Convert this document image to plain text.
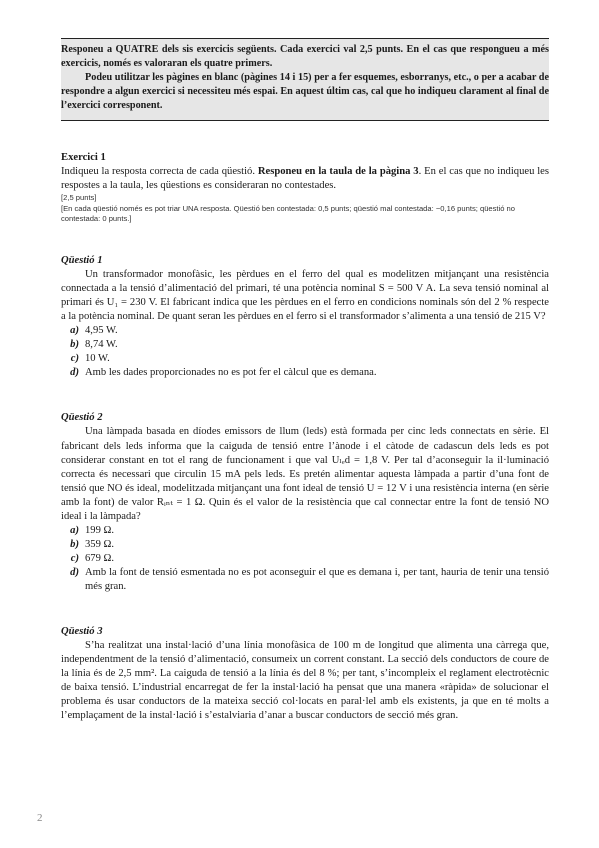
Responeu a QUATRE dels sis exercicis següents. Cada exercici val 2,5 punts. En el cas que respongueu a més exercicis, només es valoraran els quatre primers.

Podeu utilitzar les pàgines en blanc (pàgines 14 i 15) per a fer esquemes, esborranys, etc., o per a acabar de respondre a algun exercici si necessiteu més espai. En aquest últim cas, cal que ho indiqueu clarament al final de l’exercici corresponent.

Exercici 1

Indiqueu la resposta correcta de cada qüestió. Responeu en la taula de la pàgina 3. En el cas que no indiqueu les respostes a la taula, les qüestions es consideraran no contestades.

[2,5 punts]

[En cada qüestió només es pot triar UNA resposta. Qüestió ben contestada: 0,5 punts; qüestió mal contestada: −0,16 punts; qüestió no contestada: 0 punts.]

Qüestió 1

Un transformador monofàsic, les pèrdues en el ferro del qual es modelitzen mitjançant una resistència connectada a la tensió d’alimentació del primari, té una potència nominal S = 500 V A. La seva tensió nominal al primari és U₁ = 230 V. El fabricant indica que les pèrdues en el ferro en condicions nominals són del 2 % respecte a la potència nominal. De quant seran les pèrdues en el ferro si el transformador s’alimenta a una tensió de 215 V?

a) 4,95 W.
b) 8,74 W.
c) 10 W.
d) Amb les dades proporcionades no es pot fer el càlcul que es demana.

Qüestió 2

Una làmpada basada en díodes emissors de llum (leds) està formada per cinc leds connectats en sèrie. El fabricant dels leds informa que la caiguda de tensió entre l’ànode i el càtode de cadascun dels leds es pot considerar constant en tot el rang de funcionament i que val Uₗₑd = 1,8 V. Per tal d’aconseguir la il·luminació correcta és necessari que circulin 15 mA pels leds. Es pretén alimentar aquesta làmpada a partir d’una font de tensió que NO és ideal, modelitzada mitjançant una font ideal de tensió U = 12 V i una resistència interna (en sèrie amb la font) de valor Rᵢₙₜ = 1 Ω. Quin és el valor de la resistència que cal connectar entre la font de tensió NO ideal i la làmpada?

a) 199 Ω.
b) 359 Ω.
c) 679 Ω.
d) Amb la font de tensió esmentada no es pot aconseguir el que es demana i, per tant, hauria de tenir una tensió més gran.

Qüestió 3

S’ha realitzat una instal·lació d’una línia monofàsica de 100 m de longitud que alimenta una càrrega que, independentment de la tensió d’alimentació, consumeix un corrent constant. La secció dels conductors de coure de la línia és de 2,5 mm². La caiguda de tensió a la línia és del 8 %; per tant, s’incompleix el reglament electrotècnic de baixa tensió. L’industrial encarregat de fer la instal·lació ha pensat que una manera «ràpida» de solucionar el problema és usar conductors de la mateixa secció col·locats en paral·lel amb els existents, ja que en té molts a l’emplaçament de la instal·lació i s’estalviaria d’anar a buscar conductors de secció més gran.

2
